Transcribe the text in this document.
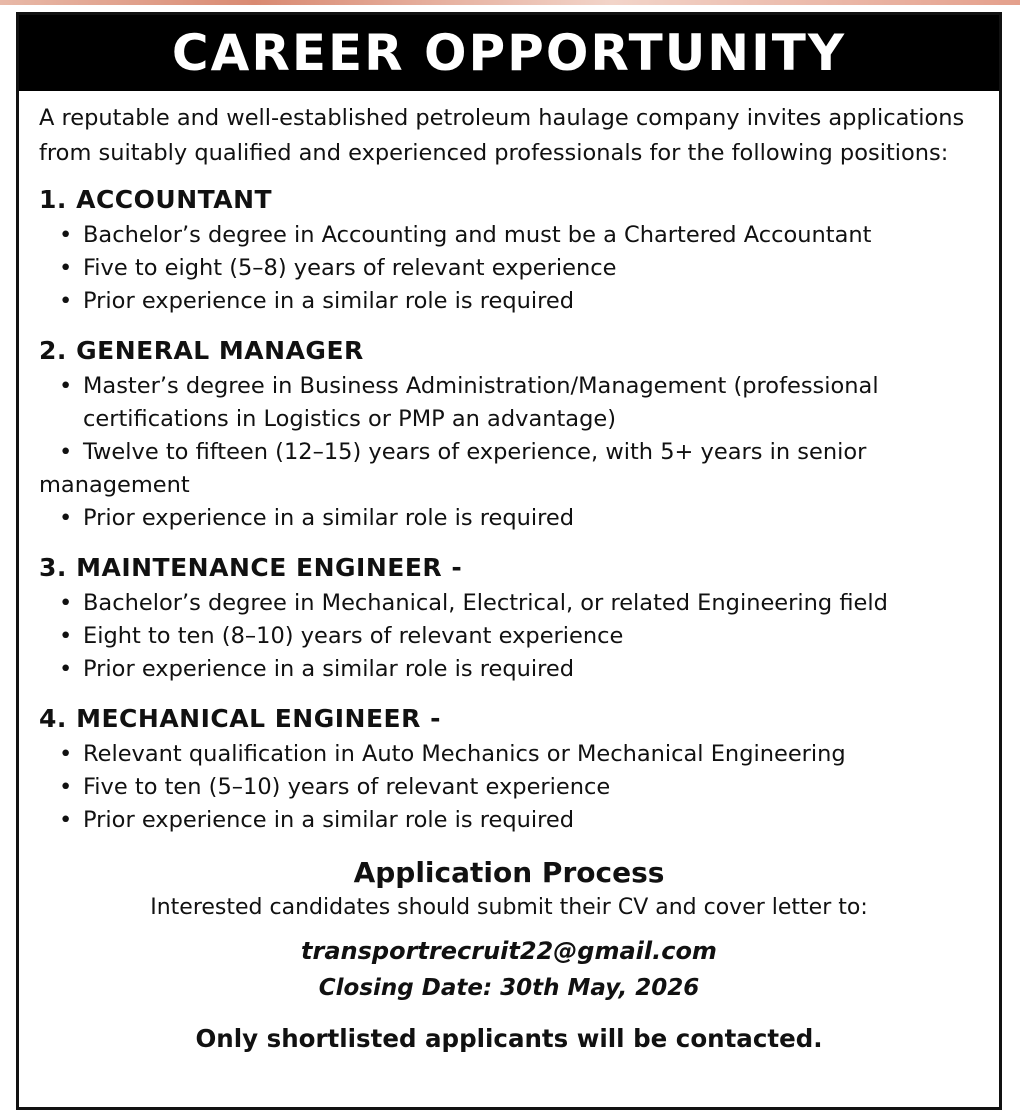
CAREER OPPORTUNITY

A reputable and well-established petroleum haulage company invites applications from suitably qualified and experienced professionals for the following positions:

1. ACCOUNTANT
• Bachelor’s degree in Accounting and must be a Chartered Accountant
• Five to eight (5–8) years of relevant experience
• Prior experience in a similar role is required
2. GENERAL MANAGER
• Master’s degree in Business Administration/Management (professional certifications in Logistics or PMP an advantage)
• Twelve to fifteen (12–15) years of experience, with 5+ years in senior management
• Prior experience in a similar role is required
3. MAINTENANCE ENGINEER -
• Bachelor’s degree in Mechanical, Electrical, or related Engineering field
• Eight to ten (8–10) years of relevant experience
• Prior experience in a similar role is required
4. MECHANICAL ENGINEER -
• Relevant qualification in Auto Mechanics or Mechanical Engineering
• Five to ten (5–10) years of relevant experience
• Prior experience in a similar role is required
Application Process
Interested candidates should submit their CV and cover letter to:
transportrecruit22@gmail.com
Closing Date: 30th May, 2026
Only shortlisted applicants will be contacted.
